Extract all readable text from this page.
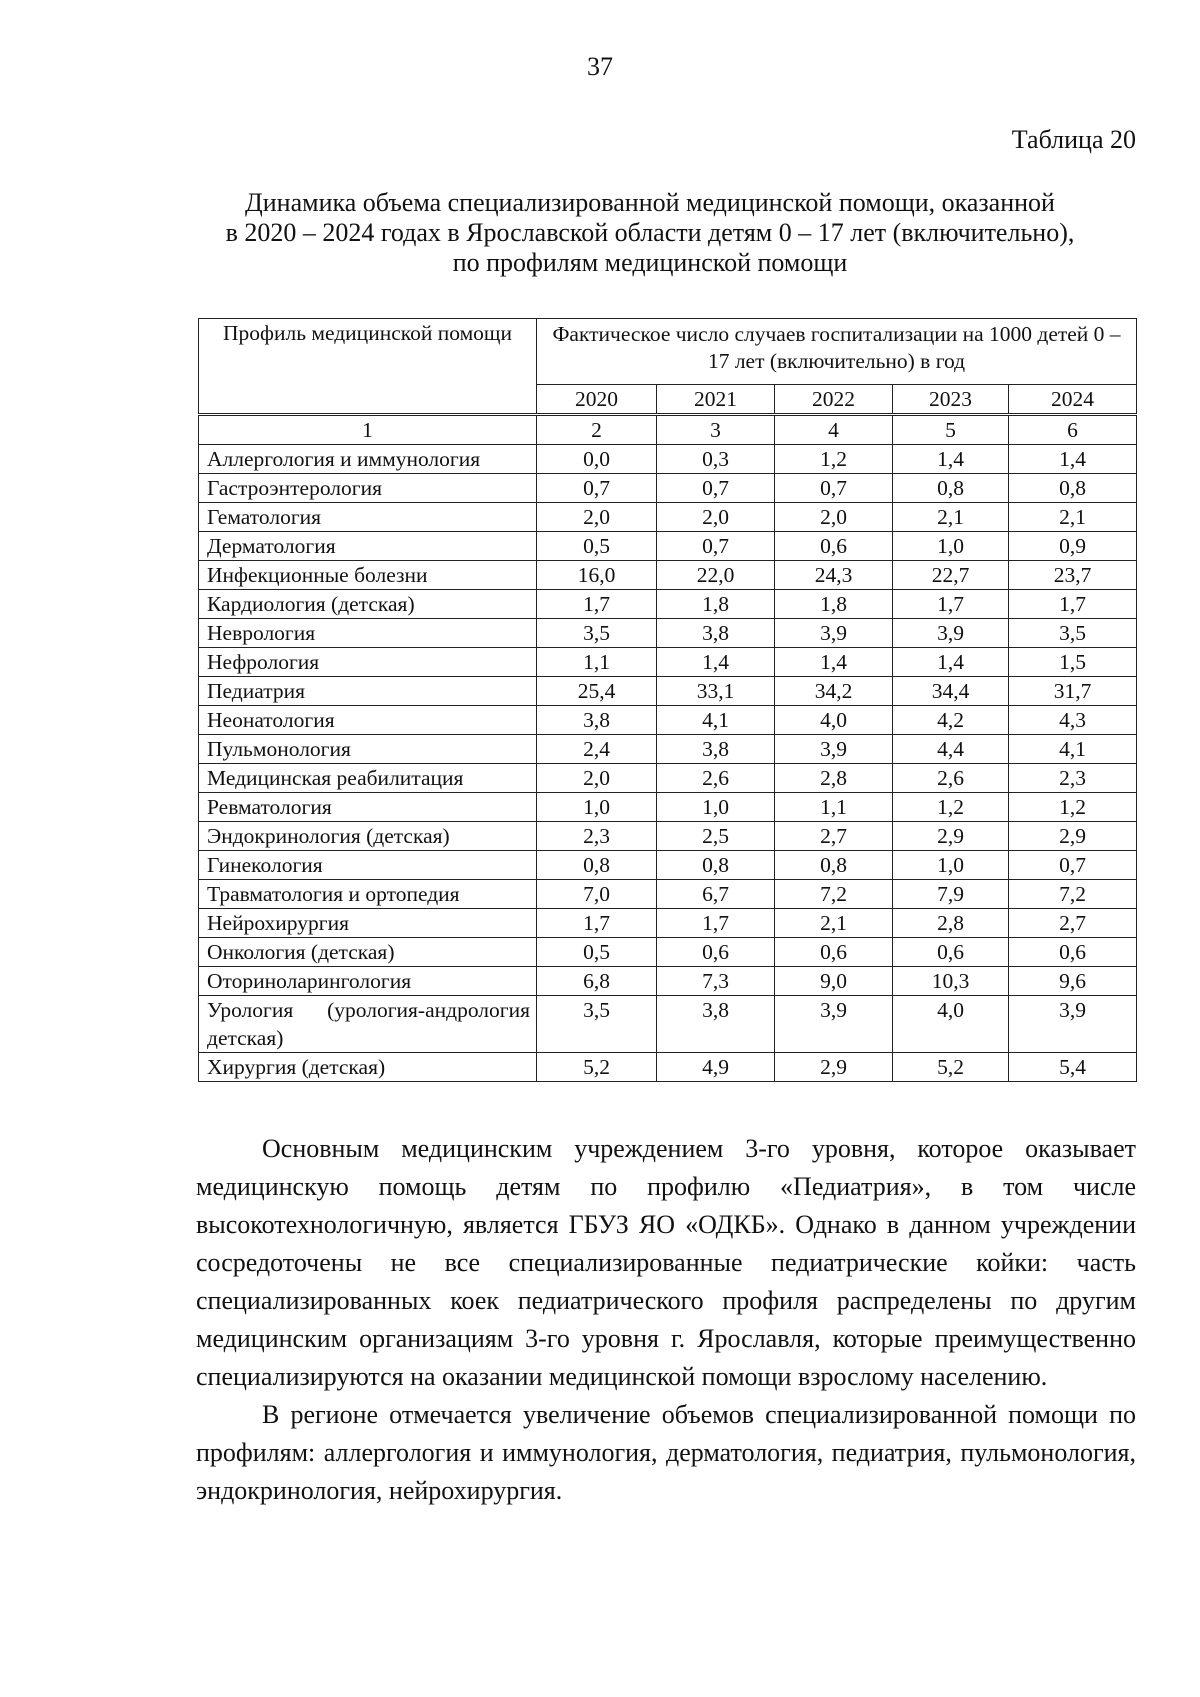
37
Таблица 20
Динамика объема специализированной медицинской помощи, оказанной
в 2020 – 2024 годах в Ярославской области детям 0 – 17 лет (включительно),
по профилям медицинской помощи
Профиль медицинской помощи	Фактическое число случаев госпитализации на 1000 детей 0 – 17 лет (включительно) в год				
	2020	2021	2022	2023	2024
1	2	3	4	5	6
Аллергология и иммунология	0,0	0,3	1,2	1,4	1,4
Гастроэнтерология	0,7	0,7	0,7	0,8	0,8
Гематология	2,0	2,0	2,0	2,1	2,1
Дерматология	0,5	0,7	0,6	1,0	0,9
Инфекционные болезни	16,0	22,0	24,3	22,7	23,7
Кардиология (детская)	1,7	1,8	1,8	1,7	1,7
Неврология	3,5	3,8	3,9	3,9	3,5
Нефрология	1,1	1,4	1,4	1,4	1,5
Педиатрия	25,4	33,1	34,2	34,4	31,7
Неонатология	3,8	4,1	4,0	4,2	4,3
Пульмонология	2,4	3,8	3,9	4,4	4,1
Медицинская реабилитация	2,0	2,6	2,8	2,6	2,3
Ревматология	1,0	1,0	1,1	1,2	1,2
Эндокринология (детская)	2,3	2,5	2,7	2,9	2,9
Гинекология	0,8	0,8	0,8	1,0	0,7
Травматология и ортопедия	7,0	6,7	7,2	7,9	7,2
Нейрохирургия	1,7	1,7	2,1	2,8	2,7
Онкология (детская)	0,5	0,6	0,6	0,6	0,6
Оториноларингология	6,8	7,3	9,0	10,3	9,6
Урология (урология-андрология детская)	3,5	3,8	3,9	4,0	3,9
Хирургия (детская)	5,2	4,9	2,9	5,2	5,4

Основным медицинским учреждением 3-го уровня, которое оказывает медицинскую помощь детям по профилю «Педиатрия», в том числе высокотехнологичную, является ГБУЗ ЯО «ОДКБ». Однако в данном учреждении сосредоточены не все специализированные педиатрические койки: часть специализированных коек педиатрического профиля распределены по другим медицинским организациям 3-го уровня г. Ярославля, которые преимущественно специализируются на оказании медицинской помощи взрослому населению.

В регионе отмечается увеличение объемов специализированной помощи по профилям: аллергология и иммунология, дерматология, педиатрия, пульмонология, эндокринология, нейрохирургия.
